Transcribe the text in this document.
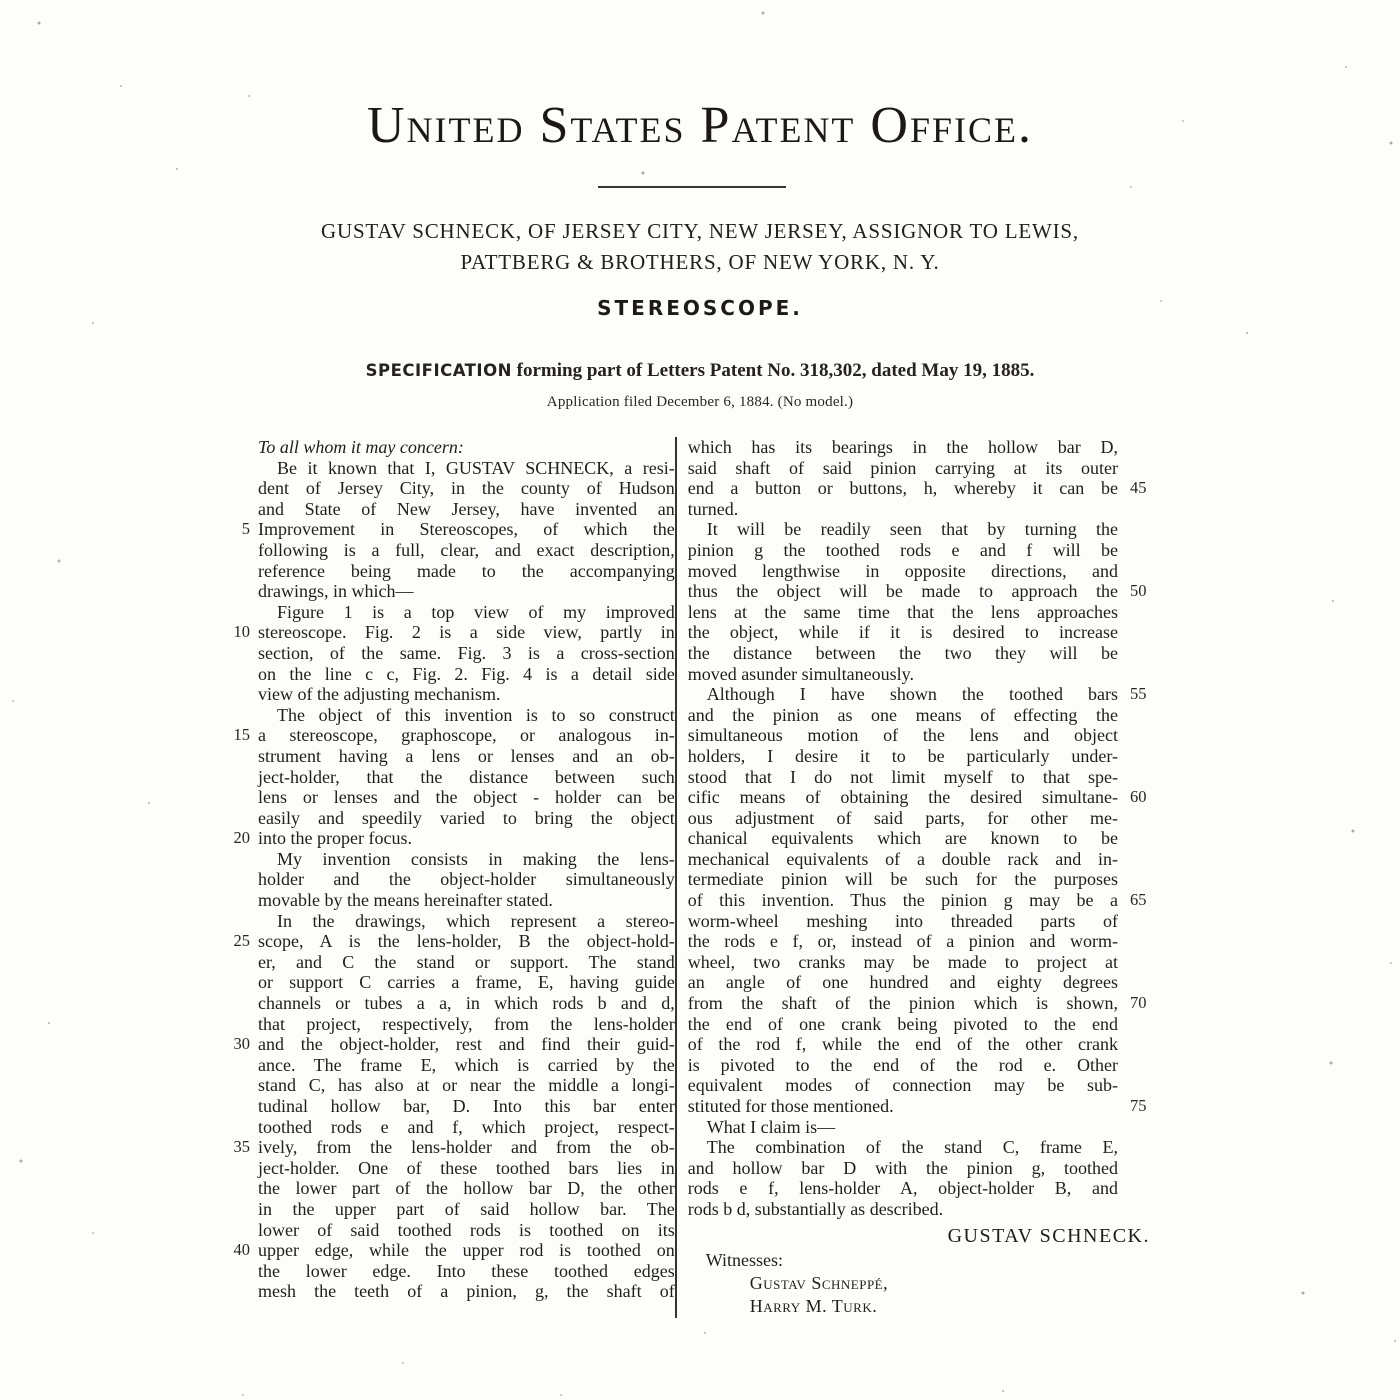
United States Patent Office.
GUSTAV SCHNECK, OF JERSEY CITY, NEW JERSEY, ASSIGNOR TO LEWIS,
PATTBERG & BROTHERS, OF NEW YORK, N. Y.
STEREOSCOPE.
SPECIFICATION forming part of Letters Patent No. 318,302, dated May 19, 1885.
Application filed December 6, 1884. (No model.)
To all whom it may concern:
Be it known that I, GUSTAV SCHNECK, a resi-
dent of Jersey City, in the county of Hudson
and State of New Jersey, have invented an
5 Improvement in Stereoscopes, of which the
following is a full, clear, and exact description,
reference being made to the accompanying
drawings, in which—
Figure 1 is a top view of my improved
10 stereoscope. Fig. 2 is a side view, partly in
section, of the same. Fig. 3 is a cross-section
on the line c c, Fig. 2. Fig. 4 is a detail side
view of the adjusting mechanism.
The object of this invention is to so construct
15 a stereoscope, graphoscope, or analogous in-
strument having a lens or lenses and an ob-
ject-holder, that the distance between such
lens or lenses and the object - holder can be
easily and speedily varied to bring the object
20 into the proper focus.
My invention consists in making the lens-
holder and the object-holder simultaneously
movable by the means hereinafter stated.
In the drawings, which represent a stereo-
25 scope, A is the lens-holder, B the object-hold-
er, and C the stand or support. The stand
or support C carries a frame, E, having guide
channels or tubes a a, in which rods b and d,
that project, respectively, from the lens-holder
30 and the object-holder, rest and find their guid-
ance. The frame E, which is carried by the
stand C, has also at or near the middle a longi-
tudinal hollow bar, D. Into this bar enter
toothed rods e and f, which project, respect-
35 ively, from the lens-holder and from the ob-
ject-holder. One of these toothed bars lies in
the lower part of the hollow bar D, the other
in the upper part of said hollow bar. The
lower of said toothed rods is toothed on its
40 upper edge, while the upper rod is toothed on
the lower edge. Into these toothed edges
mesh the teeth of a pinion, g, the shaft of
which has its bearings in the hollow bar D,
said shaft of said pinion carrying at its outer
45
end a button or buttons, h, whereby it can be
turned.
It will be readily seen that by turning the
pinion g the toothed rods e and f will be
moved lengthwise in opposite directions, and
50
thus the object will be made to approach the
lens at the same time that the lens approaches
the object, while if it is desired to increase
the distance between the two they will be
moved asunder simultaneously.
55
Although I have shown the toothed bars
and the pinion as one means of effecting the
simultaneous motion of the lens and object
holders, I desire it to be particularly under-
stood that I do not limit myself to that spe-
60
cific means of obtaining the desired simultane-
ous adjustment of said parts, for other me-
chanical equivalents which are known to be
mechanical equivalents of a double rack and in-
termediate pinion will be such for the purposes
65
of this invention. Thus the pinion g may be a
worm-wheel meshing into threaded parts of
the rods e f, or, instead of a pinion and worm-
wheel, two cranks may be made to project at
an angle of one hundred and eighty degrees
70
from the shaft of the pinion which is shown,
the end of one crank being pivoted to the end
of the rod f, while the end of the other crank
is pivoted to the end of the rod e. Other
equivalent modes of connection may be sub-
75
stituted for those mentioned.
What I claim is—
The combination of the stand C, frame E,
and hollow bar D with the pinion g, toothed
rods e f, lens-holder A, object-holder B, and
rods b d, substantially as described.
GUSTAV SCHNECK.
Witnesses:
Gustav Schneppé,
Harry M. Turk.
